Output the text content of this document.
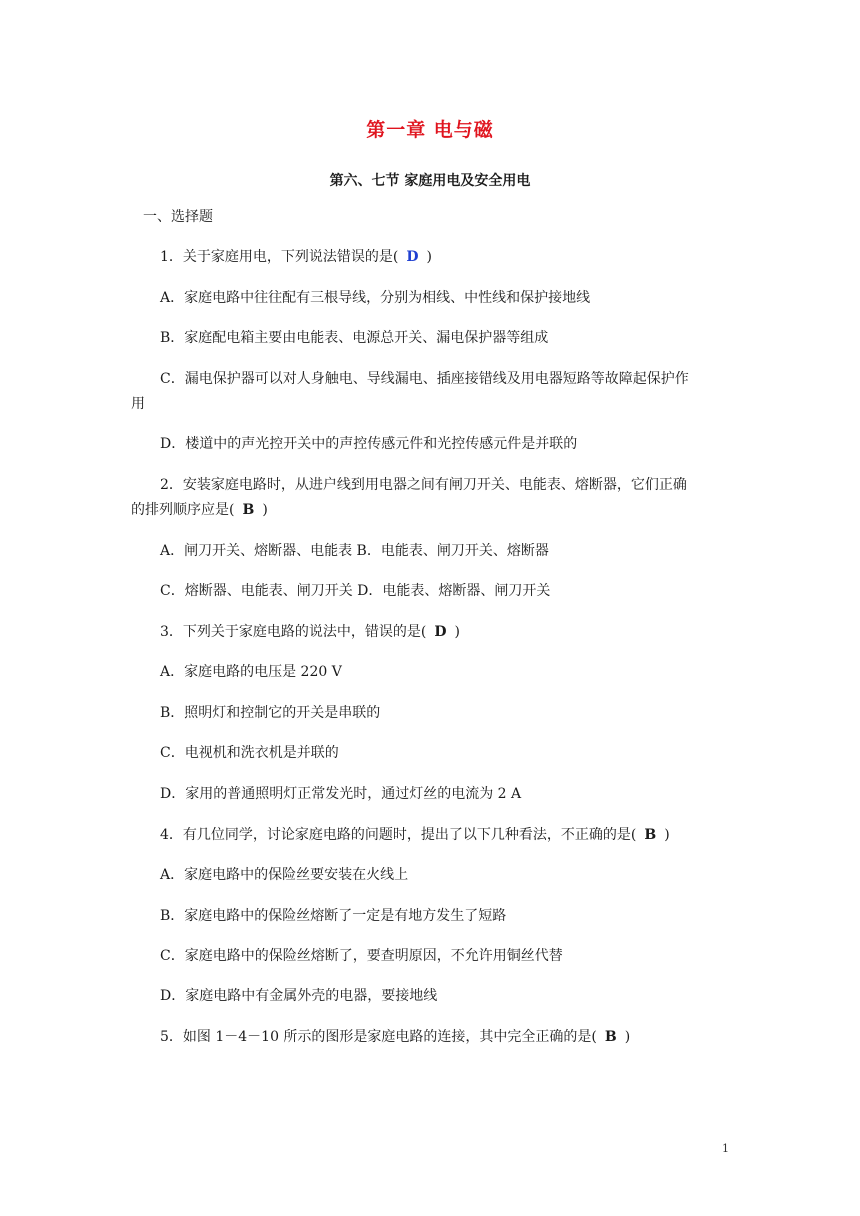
第一章 电与磁
第六、七节 家庭用电及安全用电
一、选择题
1．关于家庭用电，下列说法错误的是( D )
A．家庭电路中往往配有三根导线，分别为相线、中性线和保护接地线
B．家庭配电箱主要由电能表、电源总开关、漏电保护器等组成
C．漏电保护器可以对人身触电、导线漏电、插座接错线及用电器短路等故障起保护作
用
D．楼道中的声光控开关中的声控传感元件和光控传感元件是并联的
2．安装家庭电路时，从进户线到用电器之间有闸刀开关、电能表、熔断器，它们正确
的排列顺序应是( B )
A．闸刀开关、熔断器、电能表 B．电能表、闸刀开关、熔断器
C．熔断器、电能表、闸刀开关 D．电能表、熔断器、闸刀开关
3．下列关于家庭电路的说法中，错误的是( D )
A．家庭电路的电压是 220 V
B．照明灯和控制它的开关是串联的
C．电视机和洗衣机是并联的
D．家用的普通照明灯正常发光时，通过灯丝的电流为 2 A
4．有几位同学，讨论家庭电路的问题时，提出了以下几种看法，不正确的是( B )
A．家庭电路中的保险丝要安装在火线上
B．家庭电路中的保险丝熔断了一定是有地方发生了短路
C．家庭电路中的保险丝熔断了，要查明原因，不允许用铜丝代替
D．家庭电路中有金属外壳的电器，要接地线
5．如图 1－4－10 所示的图形是家庭电路的连接，其中完全正确的是( B )
1
